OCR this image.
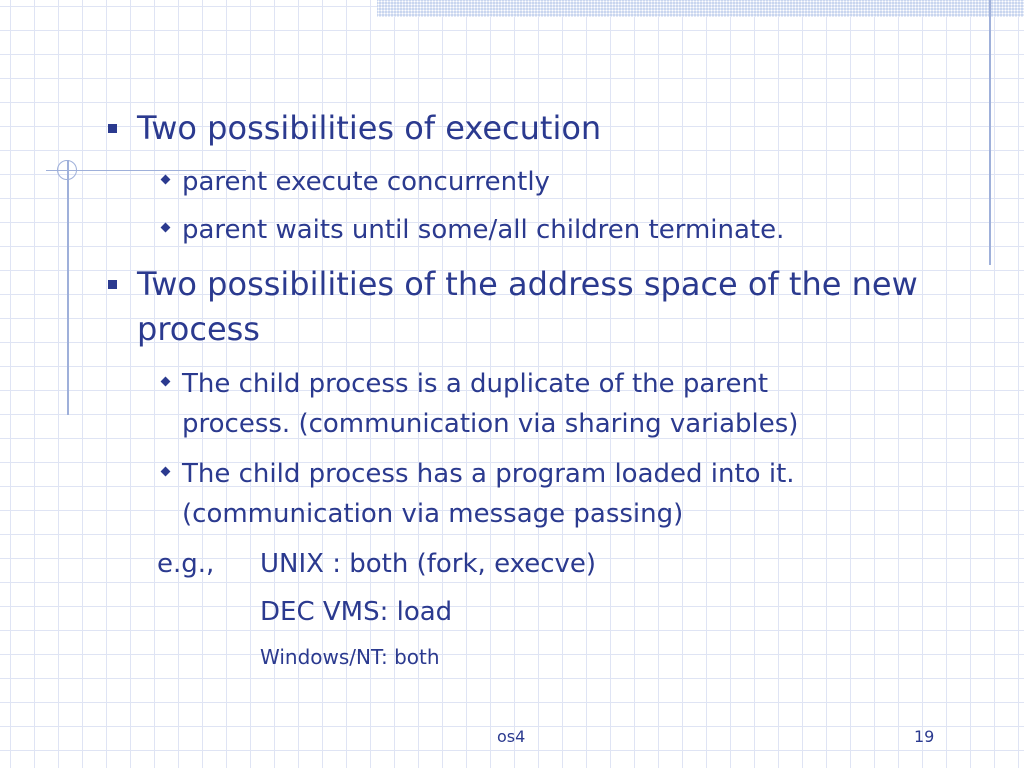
Two possibilities of execution
parent execute concurrently
parent waits until some/all children terminate.
Two possibilities of the address space of the new process
The child process is a duplicate of the parent process. (communication via sharing variables)
The child process has a program loaded into it. (communication via message passing)
e.g., UNIX : both (fork, execve)
DEC VMS: load
Windows/NT: both
os4	19
